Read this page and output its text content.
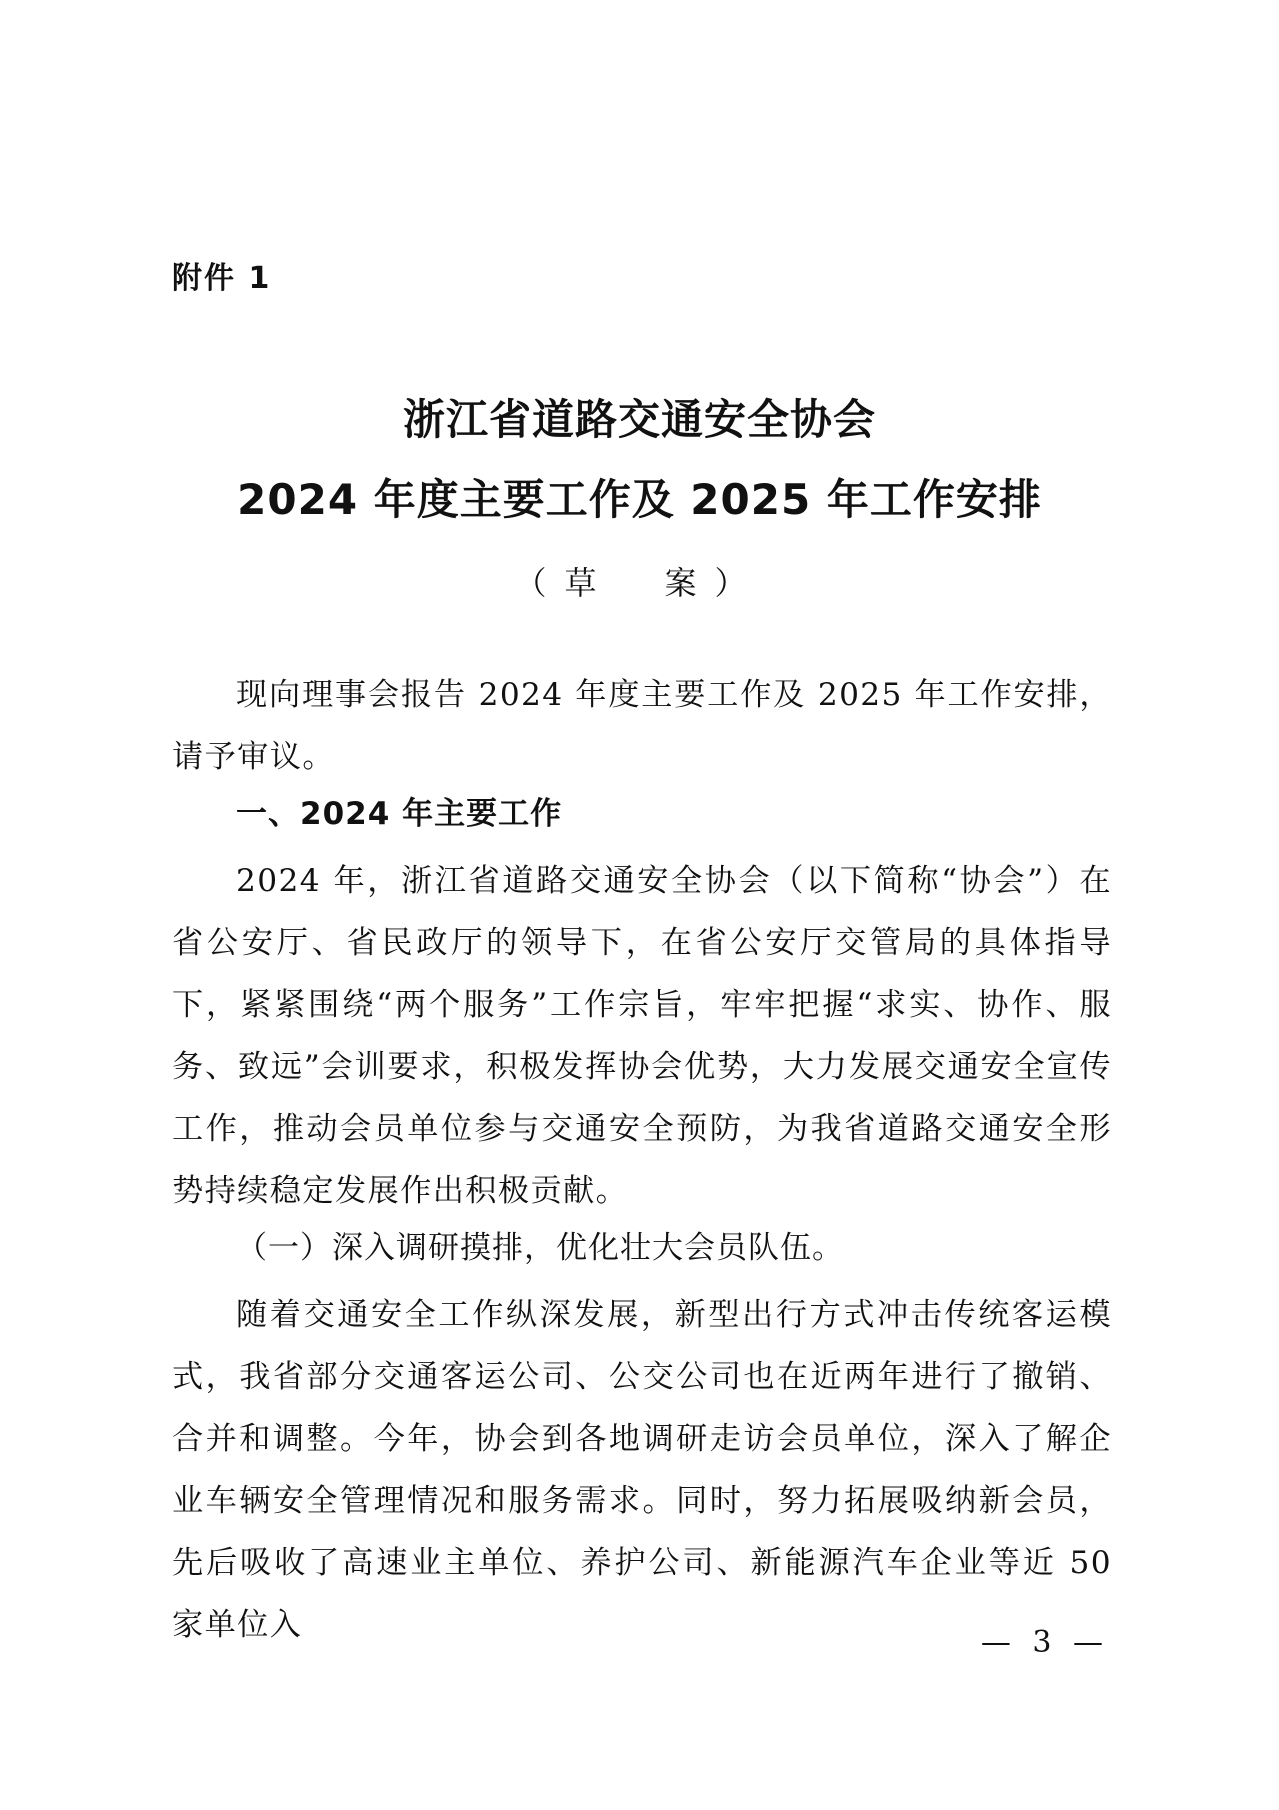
附件 1
浙江省道路交通安全协会
2024 年度主要工作及 2025 年工作安排
（草　案）
现向理事会报告 2024 年度主要工作及 2025 年工作安排，请予审议。
一、2024 年主要工作
2024 年，浙江省道路交通安全协会（以下简称“协会”）在省公安厅、省民政厅的领导下，在省公安厅交管局的具体指导下，紧紧围绕“两个服务”工作宗旨，牢牢把握“求实、协作、服务、致远”会训要求，积极发挥协会优势，大力发展交通安全宣传工作，推动会员单位参与交通安全预防，为我省道路交通安全形势持续稳定发展作出积极贡献。
（一）深入调研摸排，优化壮大会员队伍。
随着交通安全工作纵深发展，新型出行方式冲击传统客运模式，我省部分交通客运公司、公交公司也在近两年进行了撤销、合并和调整。今年，协会到各地调研走访会员单位，深入了解企业车辆安全管理情况和服务需求。同时，努力拓展吸纳新会员，先后吸收了高速业主单位、养护公司、新能源汽车企业等近 50 家单位入	— 3 —
